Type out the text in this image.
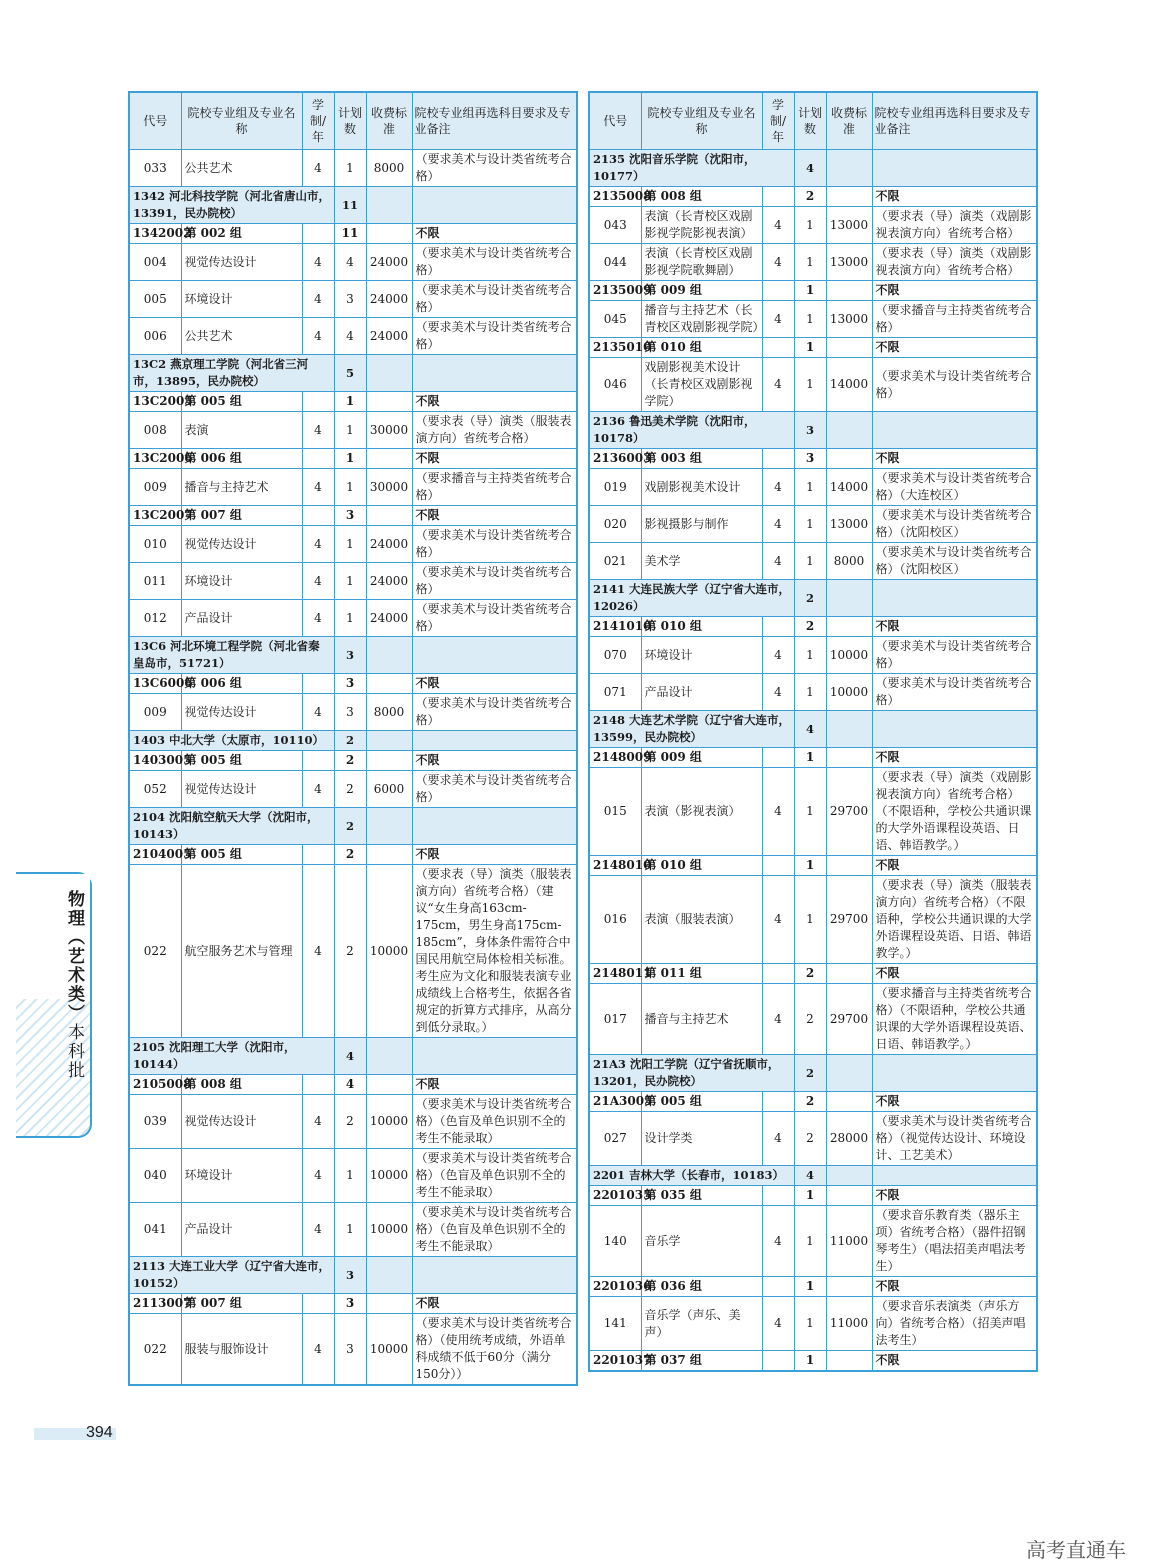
代号	院校专业组及专业名称	学制/年	计划数	收费标准	院校专业组再选科目要求及专业备注
033	公共艺术	4	1	8000	（要求美术与设计类省统考合格）
1342 河北科技学院（河北省唐山市，13391，民办院校）			11		
1342002	第 002 组		11		不限
004	视觉传达设计	4	4	24000	（要求美术与设计类省统考合格）
005	环境设计	4	3	24000	（要求美术与设计类省统考合格）
006	公共艺术	4	4	24000	（要求美术与设计类省统考合格）
13C2 燕京理工学院（河北省三河市，13895，民办院校）			5		
13C2005	第 005 组		1		不限
008	表演	4	1	30000	（要求表（导）演类（服装表演方向）省统考合格）
13C2006	第 006 组		1		不限
009	播音与主持艺术	4	1	30000	（要求播音与主持类省统考合格）
13C2007	第 007 组		3		不限
010	视觉传达设计	4	1	24000	（要求美术与设计类省统考合格）
011	环境设计	4	1	24000	（要求美术与设计类省统考合格）
012	产品设计	4	1	24000	（要求美术与设计类省统考合格）
13C6 河北环境工程学院（河北省秦皇岛市，51721）			3		
13C6006	第 006 组		3		不限
009	视觉传达设计	4	3	8000	（要求美术与设计类省统考合格）
1403 中北大学（太原市，10110）			2		
1403005	第 005 组		2		不限
052	视觉传达设计	4	2	6000	（要求美术与设计类省统考合格）
2104 沈阳航空航天大学（沈阳市，10143）			2		
2104005	第 005 组		2		不限
022	航空服务艺术与管理	4	2	10000	（要求表（导）演类（服装表演方向）省统考合格）（建议“女生身高163cm-175cm，男生身高175cm-185cm”，身体条件需符合中国民用航空局体检相关标准。考生应为文化和服装表演专业成绩线上合格考生，依据各省规定的折算方式排序，从高分到低分录取。）
2105 沈阳理工大学（沈阳市，10144）			4		
2105008	第 008 组		4		不限
039	视觉传达设计	4	2	10000	（要求美术与设计类省统考合格）（色盲及单色识别不全的考生不能录取）
040	环境设计	4	1	10000	（要求美术与设计类省统考合格）（色盲及单色识别不全的考生不能录取）
041	产品设计	4	1	10000	（要求美术与设计类省统考合格）（色盲及单色识别不全的考生不能录取）
2113 大连工业大学（辽宁省大连市，10152）			3		
2113007	第 007 组		3		不限
022	服装与服饰设计	4	3	10000	（要求美术与设计类省统考合格）（使用统考成绩，外语单科成绩不低于60分（满分150分））
代号	院校专业组及专业名称	学制/年	计划数	收费标准	院校专业组再选科目要求及专业备注
2135 沈阳音乐学院（沈阳市，10177）			4		
2135008	第 008 组		2		不限
043	表演（长青校区戏剧影视学院影视表演）	4	1	13000	（要求表（导）演类（戏剧影视表演方向）省统考合格）
044	表演（长青校区戏剧影视学院歌舞剧）	4	1	13000	（要求表（导）演类（戏剧影视表演方向）省统考合格）
2135009	第 009 组		1		不限
045	播音与主持艺术（长青校区戏剧影视学院）	4	1	13000	（要求播音与主持类省统考合格）
2135010	第 010 组		1		不限
046	戏剧影视美术设计（长青校区戏剧影视学院）	4	1	14000	（要求美术与设计类省统考合格）
2136 鲁迅美术学院（沈阳市，10178）			3		
2136003	第 003 组		3		不限
019	戏剧影视美术设计	4	1	14000	（要求美术与设计类省统考合格）（大连校区）
020	影视摄影与制作	4	1	13000	（要求美术与设计类省统考合格）（沈阳校区）
021	美术学	4	1	8000	（要求美术与设计类省统考合格）（沈阳校区）
2141 大连民族大学（辽宁省大连市，12026）			2		
2141010	第 010 组		2		不限
070	环境设计	4	1	10000	（要求美术与设计类省统考合格）
071	产品设计	4	1	10000	（要求美术与设计类省统考合格）
2148 大连艺术学院（辽宁省大连市，13599，民办院校）			4		
2148009	第 009 组		1		不限
015	表演（影视表演）	4	1	29700	（要求表（导）演类（戏剧影视表演方向）省统考合格）（不限语种，学校公共通识课的大学外语课程设英语、日语、韩语教学。）
2148010	第 010 组		1		不限
016	表演（服装表演）	4	1	29700	（要求表（导）演类（服装表演方向）省统考合格）（不限语种，学校公共通识课的大学外语课程设英语、日语、韩语教学。）
2148011	第 011 组		2		不限
017	播音与主持艺术	4	2	29700	（要求播音与主持类省统考合格）（不限语种，学校公共通识课的大学外语课程设英语、日语、韩语教学。）
21A3 沈阳工学院（辽宁省抚顺市，13201，民办院校）			2		
21A3005	第 005 组		2		不限
027	设计学类	4	2	28000	（要求美术与设计类省统考合格）（视觉传达设计、环境设计、工艺美术）
2201 吉林大学（长春市，10183）			4		
2201035	第 035 组		1		不限
140	音乐学	4	1	11000	（要求音乐教育类（器乐主项）省统考合格）（器件招钢琴考生）（唱法招美声唱法考生）
2201036	第 036 组		1		不限
141	音乐学（声乐、美声）	4	1	11000	（要求音乐表演类（声乐方向）省统考合格）（招美声唱法考生）
2201037	第 037 组		1		不限
物理（艺术类）本科批
394
高考直通车
